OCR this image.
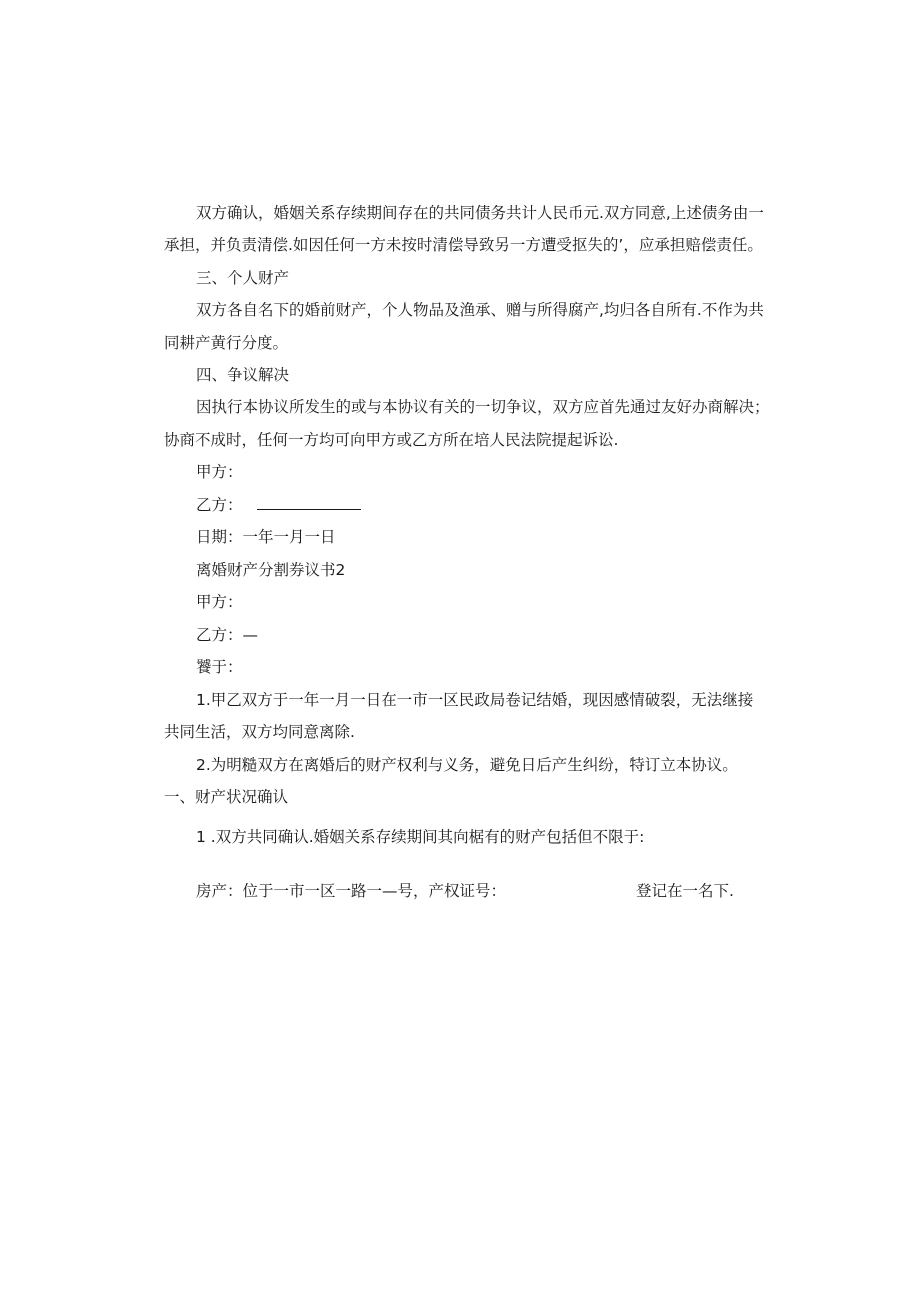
双方确认，婚姻关系存续期间存在的共同债务共计人民币元.双方同意,上述债务由一

承担，并负责清偿.如因任何一方未按时清偿导致另一方遭受抠失的’，应承担赔偿责任。

三、个人财产

双方各自名下的婚前财产，个人物品及渔承、赠与所得腐产,均归各自所有.不作为共

同耕产黄行分度。

四、争议解决

因执行本协议所发生的或与本协议有关的一切争议，双方应首先通过友好办商解决；

协商不成时，任何一方均可向甲方或乙方所在培人民法院提起诉讼.

甲方：

乙方：

日期：一年一月一日

离婚财产分割券议书2

甲方：

乙方：—

饕于：

1.甲乙双方于一年一月一日在一市一区民政局卷记结婚，现因感情破裂，无法继接

共同生活，双方均同意离除.

2.为明糙双方在离婚后的财产权利与义务，避免日后产生纠纷，特订立本协议。

一、财产状况确认

1 .双方共同确认.婚姻关系存续期间其向椐有的财产包括但不限于:

房产：位于一市一区一路一—号，产权证号：	登记在一名下.
